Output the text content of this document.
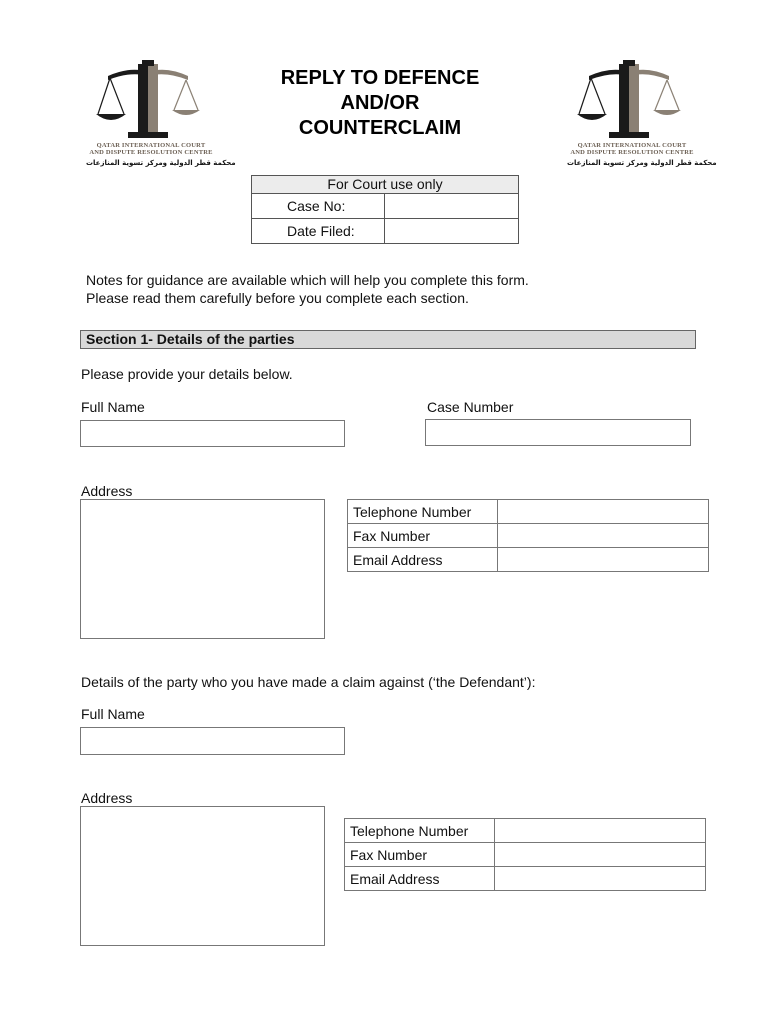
QATAR INTERNATIONAL COURT
AND DISPUTE RESOLUTION CENTRE
محكمة قطر الدولية ومركز تسوية المنازعات
QATAR INTERNATIONAL COURT
AND DISPUTE RESOLUTION CENTRE
محكمة قطر الدولية ومركز تسوية المنازعات
REPLY TO DEFENCE
AND/OR
COUNTERCLAIM
For Court use only	
Case No:	
Date Filed:	
Notes for guidance are available which will help you complete this form.
Please read them carefully before you complete each section.
Section 1- Details of the parties
Please provide your details below.
Full Name	Case Number
Address
Telephone Number	
Fax Number	
Email Address	
Details of the party who you have made a claim against (‘the Defendant’):
Full Name
Address
Telephone Number	
Fax Number	
Email Address	
